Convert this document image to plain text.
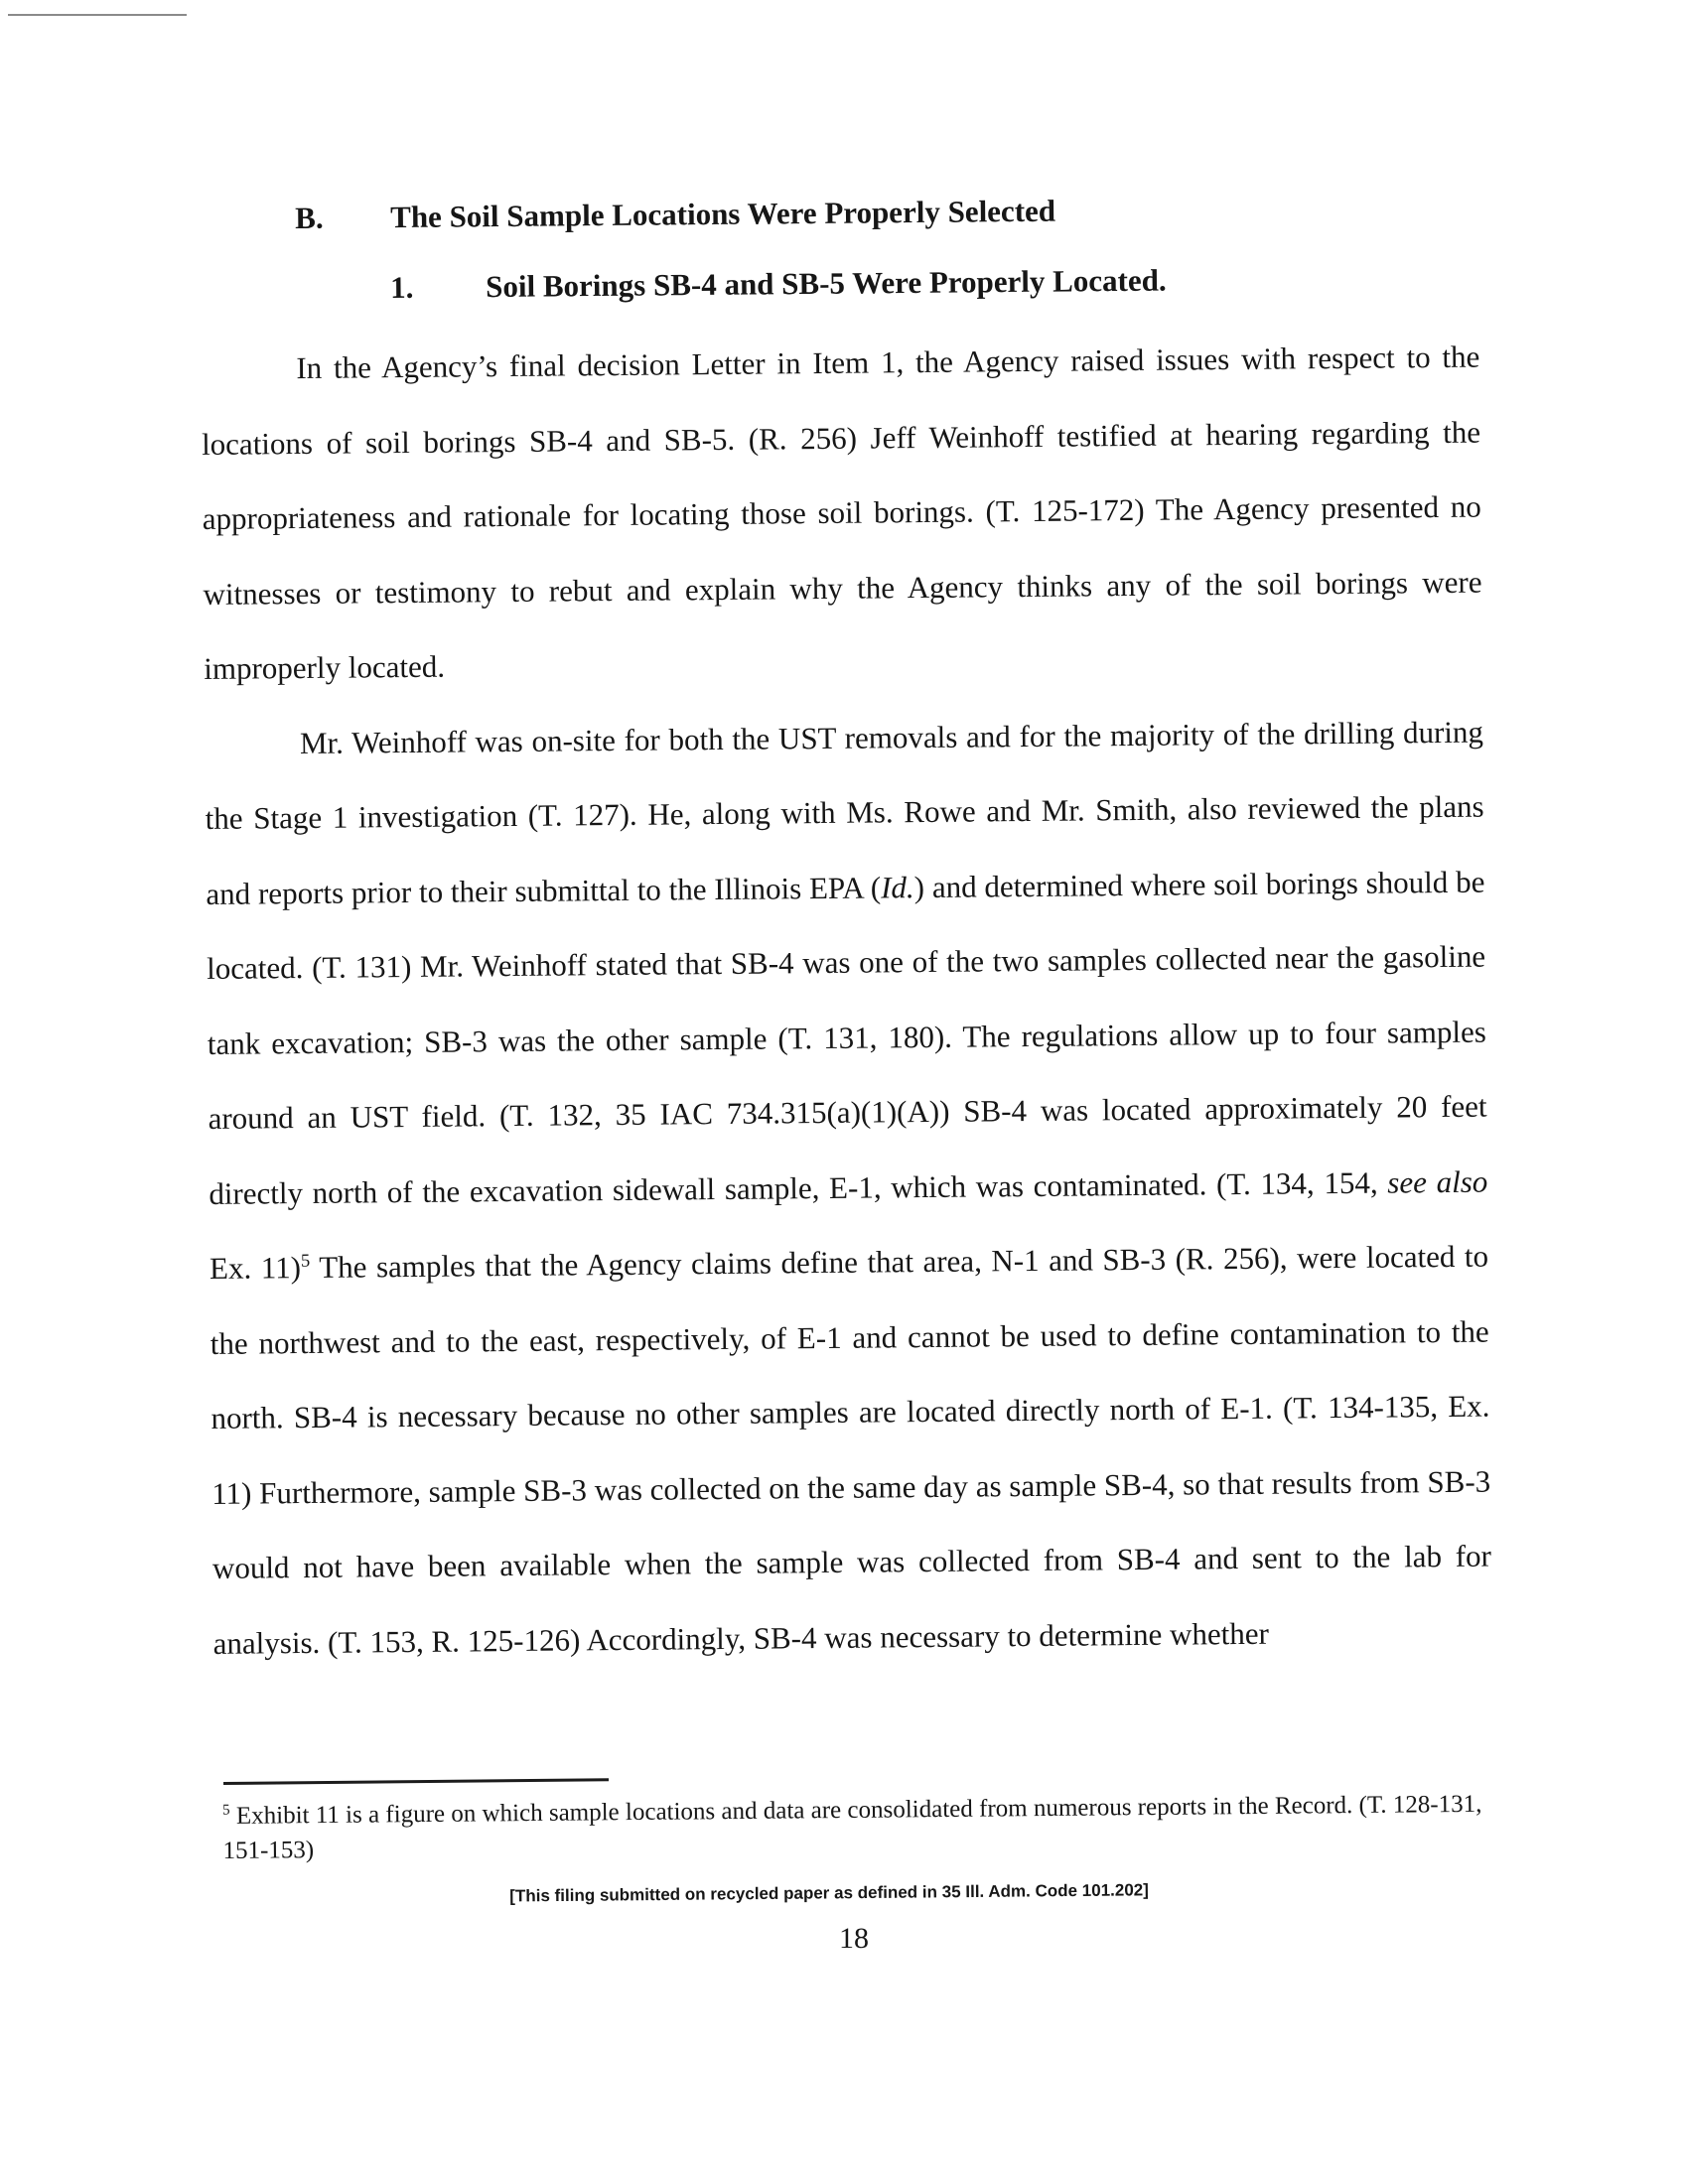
B. The Soil Sample Locations Were Properly Selected
1. Soil Borings SB-4 and SB-5 Were Properly Located.

In the Agency’s final decision Letter in Item 1, the Agency raised issues with respect to the locations of soil borings SB-4 and SB-5. (R. 256) Jeff Weinhoff testified at hearing regarding the appropriateness and rationale for locating those soil borings. (T. 125-172) The Agency presented no witnesses or testimony to rebut and explain why the Agency thinks any of the soil borings were improperly located.

Mr. Weinhoff was on-site for both the UST removals and for the majority of the drilling during the Stage 1 investigation (T. 127). He, along with Ms. Rowe and Mr. Smith, also reviewed the plans and reports prior to their submittal to the Illinois EPA (Id.) and determined where soil borings should be located. (T. 131) Mr. Weinhoff stated that SB-4 was one of the two samples collected near the gasoline tank excavation; SB-3 was the other sample (T. 131, 180). The regulations allow up to four samples around an UST field. (T. 132, 35 IAC 734.315(a)(1)(A)) SB-4 was located approximately 20 feet directly north of the excavation sidewall sample, E-1, which was contaminated. (T. 134, 154, see also Ex. 11)$^5$ The samples that the Agency claims define that area, N-1 and SB-3 (R. 256), were located to the northwest and to the east, respectively, of E-1 and cannot be used to define contamination to the north. SB-4 is necessary because no other samples are located directly north of E-1. (T. 134-135, Ex. 11) Furthermore, sample SB-3 was collected on the same day as sample SB-4, so that results from SB-3 would not have been available when the sample was collected from SB-4 and sent to the lab for analysis. (T. 153, R. 125-126) Accordingly, SB-4 was necessary to determine whether

$^5$ Exhibit 11 is a figure on which sample locations and data are consolidated from numerous reports in the Record. (T. 128-131, 151-153)

[This filing submitted on recycled paper as defined in 35 Ill. Adm. Code 101.202]

18
